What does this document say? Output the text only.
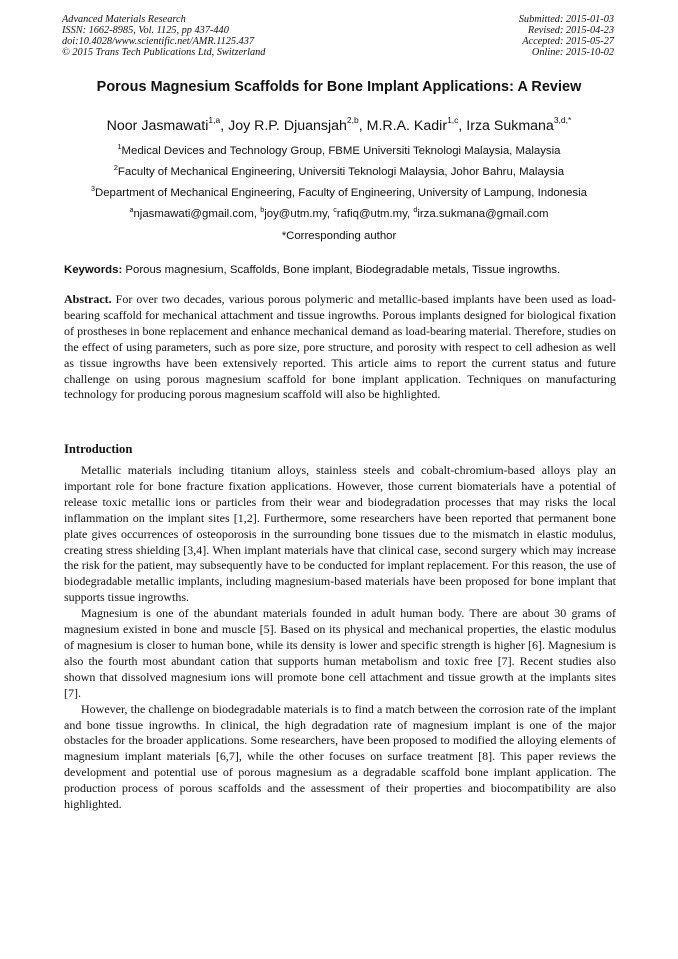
Advanced Materials Research
ISSN: 1662-8985, Vol. 1125, pp 437-440
doi:10.4028/www.scientific.net/AMR.1125.437
© 2015 Trans Tech Publications Ltd, Switzerland
Submitted: 2015-01-03
Revised: 2015-04-23
Accepted: 2015-05-27
Online: 2015-10-02
Porous Magnesium Scaffolds for Bone Implant Applications: A Review
Noor Jasmawati$^{1,a}$, Joy R.P. Djuansjah$^{2,b}$, M.R.A. Kadir$^{1,c}$, Irza Sukmana$^{3,d,*}$
$^1$Medical Devices and Technology Group, FBME Universiti Teknologi Malaysia, Malaysia
$^2$Faculty of Mechanical Engineering, Universiti Teknologi Malaysia, Johor Bahru, Malaysia
$^3$Department of Mechanical Engineering, Faculty of Engineering, University of Lampung, Indonesia
$^a$njasmawati@gmail.com, $^b$joy@utm.my, $^c$rafiq@utm.my, $^d$irza.sukmana@gmail.com
*Corresponding author
Keywords: Porous magnesium, Scaffolds, Bone implant, Biodegradable metals, Tissue ingrowths.
Abstract. For over two decades, various porous polymeric and metallic-based implants have been used as load-bearing scaffold for mechanical attachment and tissue ingrowths. Porous implants designed for biological fixation of prostheses in bone replacement and enhance mechanical demand as load-bearing material. Therefore, studies on the effect of using parameters, such as pore size, pore structure, and porosity with respect to cell adhesion as well as tissue ingrowths have been extensively reported. This article aims to report the current status and future challenge on using porous magnesium scaffold for bone implant application. Techniques on manufacturing technology for producing porous magnesium scaffold will also be highlighted.
Introduction

Metallic materials including titanium alloys, stainless steels and cobalt-chromium-based alloys play an important role for bone fracture fixation applications. However, those current biomaterials have a potential of release toxic metallic ions or particles from their wear and biodegradation processes that may risks the local inflammation on the implant sites [1,2]. Furthermore, some researchers have been reported that permanent bone plate gives occurrences of osteoporosis in the surrounding bone tissues due to the mismatch in elastic modulus, creating stress shielding [3,4]. When implant materials have that clinical case, second surgery which may increase the risk for the patient, may subsequently have to be conducted for implant replacement. For this reason, the use of biodegradable metallic implants, including magnesium-based materials have been proposed for bone implant that supports tissue ingrowths.

Magnesium is one of the abundant materials founded in adult human body. There are about 30 grams of magnesium existed in bone and muscle [5]. Based on its physical and mechanical properties, the elastic modulus of magnesium is closer to human bone, while its density is lower and specific strength is higher [6]. Magnesium is also the fourth most abundant cation that supports human metabolism and toxic free [7]. Recent studies also shown that dissolved magnesium ions will promote bone cell attachment and tissue growth at the implants sites [7].

However, the challenge on biodegradable materials is to find a match between the corrosion rate of the implant and bone tissue ingrowths. In clinical, the high degradation rate of magnesium implant is one of the major obstacles for the broader applications. Some researchers, have been proposed to modified the alloying elements of magnesium implant materials [6,7], while the other focuses on surface treatment [8]. This paper reviews the development and potential use of porous magnesium as a degradable scaffold bone implant application. The production process of porous scaffolds and the assessment of their properties and biocompatibility are also highlighted.
